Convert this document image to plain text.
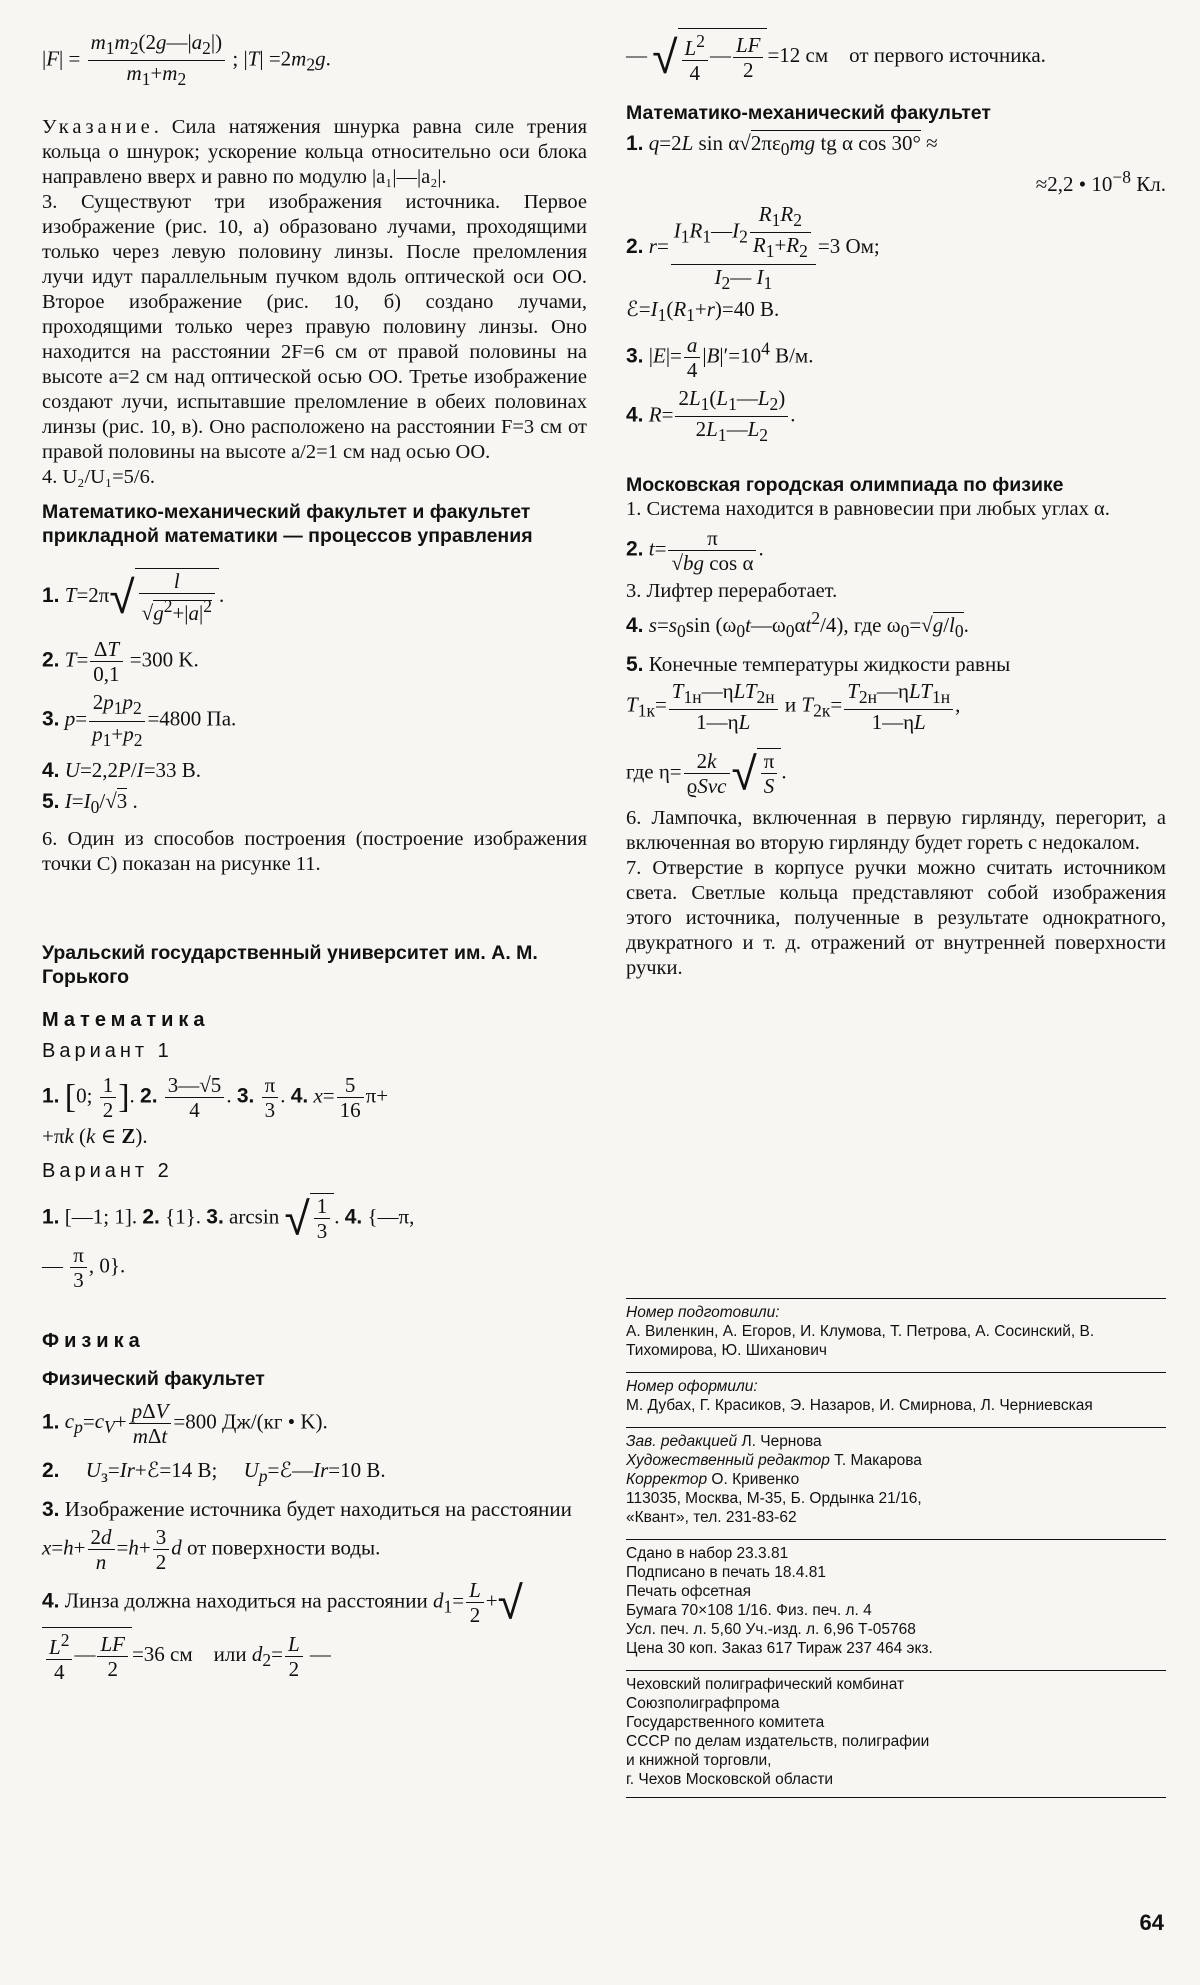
$|F| = \frac{m_1m_2(2g—|a_2|)}{m_1+m_2}$ ; $|T| =2m_2g$.

Указание. Сила натяжения шнурка равна силе трения кольца о шнурок; ускорение кольца относительно оси блока направлено вверх и равно по модулю |a₁|—|a₂|.

3. Существуют три изображения источника. Первое изображение (рис. 10, а) образовано лучами, проходящими только через левую половину линзы. После преломления лучи идут параллельным пучком вдоль оптической оси OO. Второе изображение (рис. 10, б) создано лучами, проходящими только через правую половину линзы. Оно находится на расстоянии 2F=6 см от правой половины на высоте a=2 см над оптической осью OO. Третье изображение создают лучи, испытавшие преломление в обеих половинах линзы (рис. 10, в). Оно расположено на расстоянии F=3 см от правой половины на высоте a/2=1 см над осью OO.

4. U₂/U₁=5/6.

Математико-механический факультет и факультет прикладной математики — процессов управления

1. $T=2\pi√ \frac{l}{√g^2+|a|^2}$ .
2. $T= \frac{\Delta T}{0,1} =300$ K.
3. $p= \frac{2p_1p_2}{p_1+p_2} =4800$ Па.
4. U=2,2P/I=33 В.
5. $I=I_0/√3$ .

6. Один из способов построения (построение изображения точки C) показан на рисунке 11.

Уральский государственный университет им. А. М. Горького

Математика

Вариант 1

1. [0; $\frac{1}{2}$ ]. 2. $\frac{3—√5}{4}$ . 3. $\frac{\pi}{3}$ . 4. $x= \frac{5}{16} \pi+$
+πk (k ∈ Z).

Вариант 2

1. [—1; 1]. 2. {1}. 3. arcsin √ $\frac{1}{3}$ . 4. {—π,
— $\frac{\pi}{3}$ , 0}.

Физика

Физический факультет

1. $c_p=c_V+ p\Delta V$
mΔt
=800 Дж/(кг • K).
2. $U_з=Ir+ℰ=14$ В;     $U_p=ℰ—Ir=10$ В.
3. Изображение источника будет находиться на расстоянии $x=h+ \frac{2d}{n} =h+ \frac{3}{2}$ d от поверхности воды.
4. Линза должна находиться на расстоянии $d_1= \frac{L}{2}$ +√
$\frac{L^2}{4}$ — $\frac{LF}{2} =36$ см    или $d_2= \frac{L}{2}$ —
— √ $\frac{L^2}{4}$ — $\frac{LF}{2} =12$ см    от первого источника.

Математико-механический факультет

1. q=2L $\sin \alpha√2\pi\varepsilon_0mg$ tg α cos 30° ≈

≈2,2 • $10^{-8}$ Кл.
2. $r= \frac{I_1R_1—I_2 \frac{R_1R_2}{R_1+R_2}}{I_2— I_1} =3$ Ом;
$ℰ=I_1(R_1+r)=40$ В.
3. $|E|= \frac{a}{4} |B|'=10^4$ В/м.
4. $R= \frac{2L_1(L_1—L_2)}{2L_1—L_2}$ .

Московская городская олимпиада по физике

1. Система находится в равновесии при любых углах α.

2. $t= \frac{\pi}{\text{√bg cos α}}$ .

3. Лифтер переработает.

4. $s=s_0\sin$ $(\omega_0t—\omega_0\alpha t^2/4)$, где $\omega_0=√g/l_0$.
5. Конечные температуры жидкости равны
$T_{1к}=$
$T_{1н}—\eta LT_{2н}$
1—ηL
и $T_{2к}=$
$T_{2н}—\eta LT_{1н}$
1—ηL
,
где η= 2k
ϱSvc √ $\frac{\pi}{S}$ .

6. Лампочка, включенная в первую гирлянду, перегорит, а включенная во вторую гирлянду будет гореть с недокалом.

7. Отверстие в корпусе ручки можно считать источником света. Светлые кольца представляют собой изображения этого источника, полученные в результате однократного, двукратного и т. д. отражений от внутренней поверхности ручки.

Номер подготовили:
А. Виленкин, А. Егоров, И. Клумова, Т. Петрова, А. Сосинский, В. Тихомирова, Ю. Шиханович
Номер оформили:
М. Дубах, Г. Красиков, Э. Назаров, И. Смирнова, Л. Черниевская
Зав. редакцией Л. Чернова
Художественный редактор Т. Макарова
Корректор О. Кривенко
113035, Москва, М-35, Б. Ордынка 21/16,
«Квант», тел. 231-83-62
Сдано в набор 23.3.81
Подписано в печать 18.4.81
Печать офсетная
Бумага 70×108 1/16. Физ. печ. л. 4
Усл. печ. л. 5,60 Уч.-изд. л. 6,96 Т-05768
Цена 30 коп. Заказ 617 Тираж 237 464 экз.
Чеховский полиграфический комбинат
Союзполиграфпрома
Государственного комитета
СССР по делам издательств, полиграфии
и книжной торговли,
г. Чехов Московской области
64
